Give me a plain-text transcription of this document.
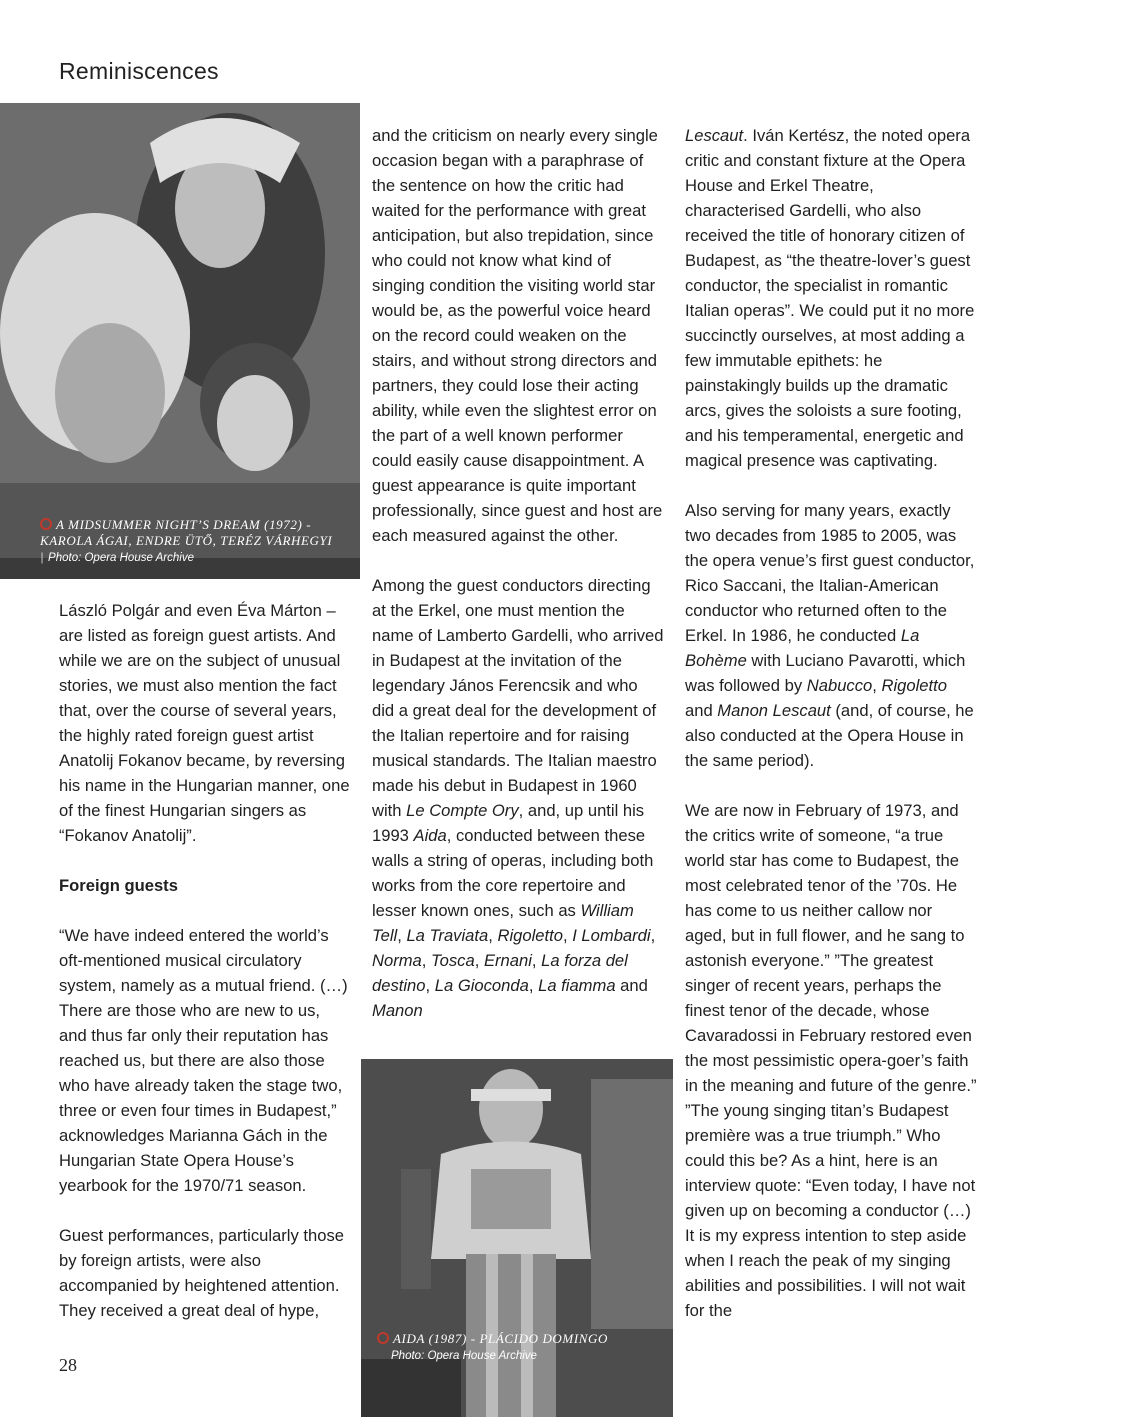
Reminiscences
A MIDSUMMER NIGHT’S DREAM (1972) - KAROLA ÁGAI, ENDRE ÜTŐ, TERÉZ VÁRHEGYI | Photo: Opera House Archive

László Polgár and even Éva Márton – are listed as foreign guest artists. And while we are on the subject of unusual stories, we must also mention the fact that, over the course of several years, the highly rated foreign guest artist Anatolij Fokanov became, by reversing his name in the Hungarian manner, one of the finest Hungarian singers as “Fokanov Anatolij”.

Foreign guests

“We have indeed entered the world’s oft-mentioned musical circulatory system, namely as a mutual friend. (…) There are those who are new to us, and thus far only their reputation has reached us, but there are also those who have already taken the stage two, three or even four times in Budapest,” acknowledges Marianna Gách in the Hungarian State Opera House’s yearbook for the 1970/71 season.

Guest performances, particularly those by foreign artists, were also accompanied by heightened attention. They received a great deal of hype,

and the criticism on nearly every single occasion began with a paraphrase of the sentence on how the critic had waited for the performance with great anticipation, but also trepidation, since who could not know what kind of singing condition the visiting world star would be, as the powerful voice heard on the record could weaken on the stairs, and without strong directors and partners, they could lose their acting ability, while even the slightest error on the part of a well known performer could easily cause disappointment. A guest appearance is quite important professionally, since guest and host are each measured against the other.

Among the guest conductors directing at the Erkel, one must mention the name of Lamberto Gardelli, who arrived in Budapest at the invitation of the legendary János Ferencsik and who did a great deal for the development of the Italian repertoire and for raising musical standards. The Italian maestro made his debut in Budapest in 1960 with Le Compte Ory, and, up until his 1993 Aida, conducted between these walls a string of operas, including both works from the core repertoire and lesser known ones, such as William Tell, La Traviata, Rigoletto, I Lombardi, Norma, Tosca, Ernani, La forza del destino, La Gioconda, La fiamma and Manon

AIDA (1987) - PLÁCIDO DOMINGO
Photo: Opera House Archive

Lescaut. Iván Kertész, the noted opera critic and constant fixture at the Opera House and Erkel Theatre, characterised Gardelli, who also received the title of honorary citizen of Budapest, as “the theatre-lover’s guest conductor, the specialist in romantic Italian operas”. We could put it no more succinctly ourselves, at most adding a few immutable epithets: he painstakingly builds up the dramatic arcs, gives the soloists a sure footing, and his temperamental, energetic and magical presence was captivating.

Also serving for many years, exactly two decades from 1985 to 2005, was the opera venue’s first guest conductor, Rico Saccani, the Italian-American conductor who returned often to the Erkel. In 1986, he conducted La Bohème with Luciano Pavarotti, which was followed by Nabucco, Rigoletto and Manon Lescaut (and, of course, he also conducted at the Opera House in the same period).

We are now in February of 1973, and the critics write of someone, “a true world star has come to Budapest, the most celebrated tenor of the ’70s. He has come to us neither callow nor aged, but in full flower, and he sang to astonish everyone.” ”The greatest singer of recent years, perhaps the finest tenor of the decade, whose Cavaradossi in February restored even the most pessimistic opera-goer’s faith in the meaning and future of the genre.” ”The young singing titan’s Budapest première was a true triumph.” Who could this be? As a hint, here is an interview quote: “Even today, I have not given up on becoming a conductor (…) It is my express intention to step aside when I reach the peak of my singing abilities and possibilities. I will not wait for the

28
